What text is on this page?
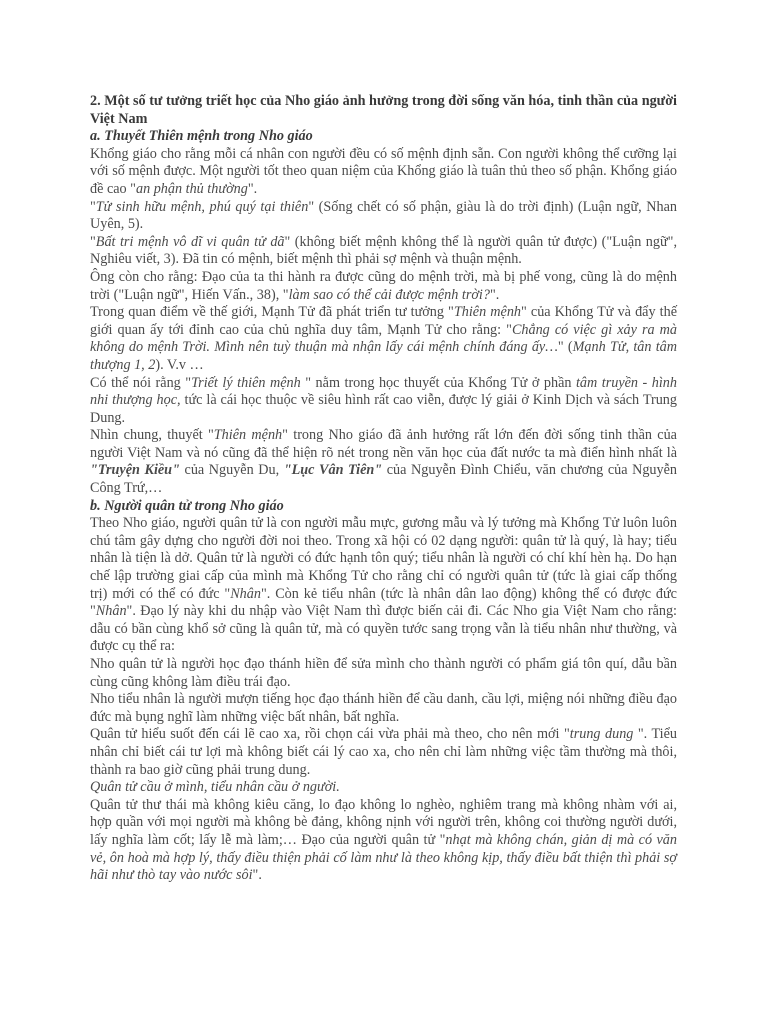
2. Một số tư tưởng triết học của Nho giáo ảnh hưởng trong đời sống văn hóa, tinh thần của người Việt Nam

a. Thuyết Thiên mệnh trong Nho giáo

Khổng giáo cho rằng mỗi cá nhân con người đều có số mệnh định sẵn. Con người không thể cưỡng lại với số mệnh được. Một người tốt theo quan niệm của Khổng giáo là tuân thủ theo số phận. Khổng giáo đề cao "an phận thủ thường".

"Tử sinh hữu mệnh, phú quý tại thiên" (Sống chết có số phận, giàu là do trời định) (Luận ngữ, Nhan Uyên, 5).

"Bất tri mệnh vô dĩ vi quân tử dã" (không biết mệnh không thể là người quân tử được) ("Luận ngữ", Nghiêu viết, 3). Đã tin có mệnh, biết mệnh thì phải sợ mệnh và thuận mệnh.

Ông còn cho rằng: Đạo của ta thi hành ra được cũng do mệnh trời, mà bị phế vong, cũng là do mệnh trời ("Luận ngữ", Hiến Vấn., 38), "làm sao có thể cải được mệnh trời?".

Trong quan điểm về thế giới, Mạnh Tử đã phát triển tư tưởng "Thiên mệnh" của Khổng Tử và đẩy thế giới quan ấy tới đỉnh cao của chủ nghĩa duy tâm, Mạnh Tử cho rằng: "Chẳng có việc gì xảy ra mà không do mệnh Trời. Mình nên tuỳ thuận mà nhận lấy cái mệnh chính đáng ấy…" (Mạnh Tử, tân tâm thượng 1, 2). V.v …

Có thể nói rằng "Triết lý thiên mệnh " nằm trong học thuyết của Khổng Tử ở phần tâm truyền - hình nhi thượng học, tức là cái học thuộc về siêu hình rất cao viễn, được lý giải ở Kinh Dịch và sách Trung Dung.

Nhìn chung, thuyết "Thiên mệnh" trong Nho giáo đã ảnh hưởng rất lớn đến đời sống tinh thần của người Việt Nam và nó cũng đã thể hiện rõ nét trong nền văn học của đất nước ta mà điển hình nhất là "Truyện Kiều" của Nguyễn Du, "Lục Vân Tiên" của Nguyễn Đình Chiểu, văn chương của Nguyễn Công Trứ,…

b. Người quân tử trong Nho giáo

Theo Nho giáo, người quân tử là con người mẫu mực, gương mẫu và lý tưởng mà Khổng Tử luôn luôn chú tâm gây dựng cho người đời noi theo. Trong xã hội có 02 dạng người: quân tử là quý, là hay; tiểu nhân là tiện là dở. Quân tử là người có đức hạnh tôn quý; tiểu nhân là người có chí khí hèn hạ. Do hạn chế lập trường giai cấp của mình mà Khổng Tử cho rằng chỉ có người quân tử (tức là giai cấp thống trị) mới có thể có đức "Nhân". Còn kẻ tiểu nhân (tức là nhân dân lao động) không thể có được đức "Nhân". Đạo lý này khi du nhập vào Việt Nam thì được biến cải đi. Các Nho gia Việt Nam cho rằng: dẫu có bần cùng khổ sở cũng là quân tử, mà có quyền tước sang trọng vẫn là tiểu nhân như thường, và được cụ thể ra:

Nho quân tử là người học đạo thánh hiền để sửa mình cho thành người có phẩm giá tôn quí, dẫu bần cùng cũng không làm điều trái đạo.

Nho tiểu nhân là người mượn tiếng học đạo thánh hiền để cầu danh, cầu lợi, miệng nói những điều đạo đức mà bụng nghĩ làm những việc bất nhân, bất nghĩa.

Quân tử hiểu suốt đến cái lẽ cao xa, rồi chọn cái vừa phải mà theo, cho nên mới "trung dung ". Tiểu nhân chỉ biết cái tư lợi mà không biết cái lý cao xa, cho nên chỉ làm những việc tầm thường mà thôi, thành ra bao giờ cũng phải trung dung.

Quân tử cầu ở mình, tiểu nhân cầu ở người.

Quân tử thư thái mà không kiêu căng, lo đạo không lo nghèo, nghiêm trang mà không nhàm với ai, hợp quần với mọi người mà không bè đảng, không nịnh với người trên, không coi thường người dưới, lấy nghĩa làm cốt; lấy lễ mà làm;… Đạo của người quân tử "nhạt mà không chán, giản dị mà có văn vẻ, ôn hoà mà hợp lý, thấy điều thiện phải cố làm như là theo không kịp, thấy điều bất thiện thì phải sợ hãi như thò tay vào nước sôi".
